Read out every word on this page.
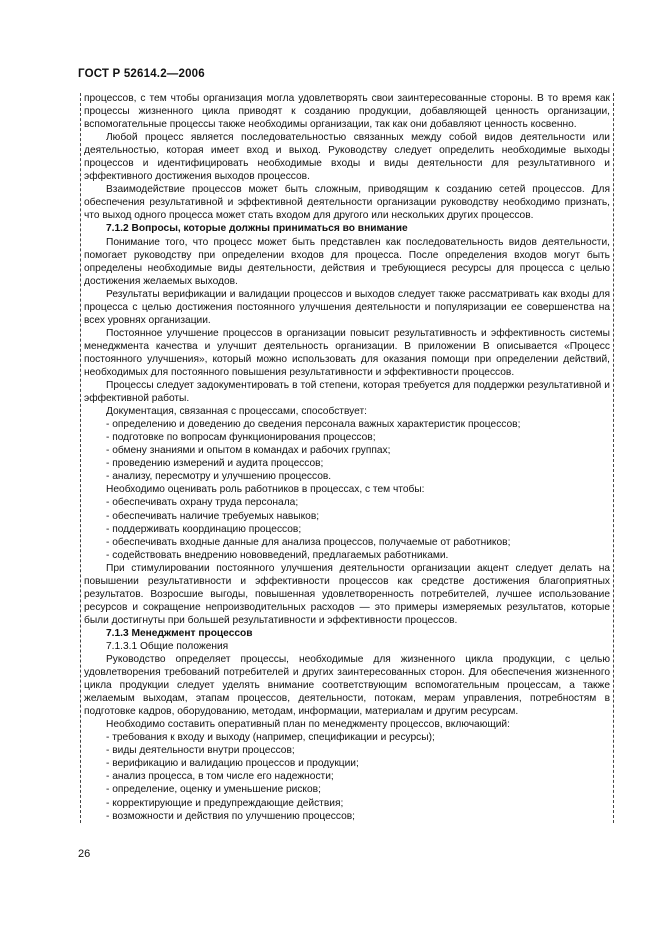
ГОСТ Р 52614.2—2006

процессов, с тем чтобы организация могла удовлетворять свои заинтересованные стороны. В то время как процессы жизненного цикла приводят к созданию продукции, добавляющей ценность организации, вспомогательные процессы также необходимы организации, так как они добавляют ценность косвенно.

Любой процесс является последовательностью связанных между собой видов деятельности или деятельностью, которая имеет вход и выход. Руководству следует определить необходимые выходы процессов и идентифицировать необходимые входы и виды деятельности для результативного и эффективного достижения выходов процессов.

Взаимодействие процессов может быть сложным, приводящим к созданию сетей процессов. Для обеспечения результативной и эффективной деятельности организации руководству необходимо признать, что выход одного процесса может стать входом для другого или нескольких других процессов.

7.1.2 Вопросы, которые должны приниматься во внимание

Понимание того, что процесс может быть представлен как последовательность видов деятельности, помогает руководству при определении входов для процесса. После определения входов могут быть определены необходимые виды деятельности, действия и требующиеся ресурсы для процесса с целью достижения желаемых выходов.

Результаты верификации и валидации процессов и выходов следует также рассматривать как входы для процесса с целью достижения постоянного улучшения деятельности и популяризации ее совершенства на всех уровнях организации.

Постоянное улучшение процессов в организации повысит результативность и эффективность системы менеджмента качества и улучшит деятельность организации. В приложении В описывается «Процесс постоянного улучшения», который можно использовать для оказания помощи при определении действий, необходимых для постоянного повышения результативности и эффективности процессов.

Процессы следует задокументировать в той степени, которая требуется для поддержки результативной и эффективной работы.

Документация, связанная с процессами, способствует:

- определению и доведению до сведения персонала важных характеристик процессов;

- подготовке по вопросам функционирования процессов;

- обмену знаниями и опытом в командах и рабочих группах;

- проведению измерений и аудита процессов;

- анализу, пересмотру и улучшению процессов.

Необходимо оценивать роль работников в процессах, с тем чтобы:

- обеспечивать охрану труда персонала;

- обеспечивать наличие требуемых навыков;

- поддерживать координацию процессов;

- обеспечивать входные данные для анализа процессов, получаемые от работников;

- содействовать внедрению нововведений, предлагаемых работниками.

При стимулировании постоянного улучшения деятельности организации акцент следует делать на повышении результативности и эффективности процессов как средстве достижения благоприятных результатов. Возросшие выгоды, повышенная удовлетворенность потребителей, лучшее использование ресурсов и сокращение непроизводительных расходов — это примеры измеряемых результатов, которые были достигнуты при большей результативности и эффективности процессов.

7.1.3 Менеджмент процессов

7.1.3.1 Общие положения

Руководство определяет процессы, необходимые для жизненного цикла продукции, с целью удовлетворения требований потребителей и других заинтересованных сторон. Для обеспечения жизненного цикла продукции следует уделять внимание соответствующим вспомогательным процессам, а также желаемым выходам, этапам процессов, деятельности, потокам, мерам управления, потребностям в подготовке кадров, оборудованию, методам, информации, материалам и другим ресурсам.

Необходимо составить оперативный план по менеджменту процессов, включающий:

- требования к входу и выходу (например, спецификации и ресурсы);

- виды деятельности внутри процессов;

- верификацию и валидацию процессов и продукции;

- анализ процесса, в том числе его надежности;

- определение, оценку и уменьшение рисков;

- корректирующие и предупреждающие действия;

- возможности и действия по улучшению процессов;

26
